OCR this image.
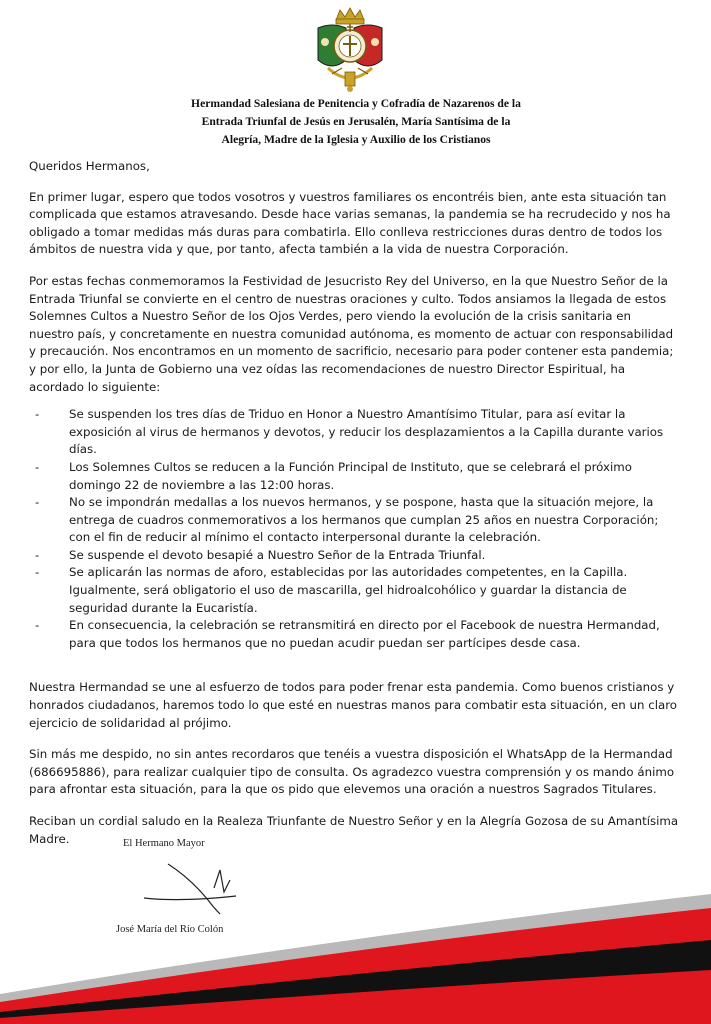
Hermandad Salesiana de Penitencia y Cofradía de Nazarenos de la
Entrada Triunfal de Jesús en Jerusalén, María Santísima de la
Alegría, Madre de la Iglesia y Auxilio de los Cristianos

Queridos Hermanos,

En primer lugar, espero que todos vosotros y vuestros familiares os encontréis bien, ante esta situación tan complicada que estamos atravesando. Desde hace varias semanas, la pandemia se ha recrudecido y nos ha obligado a tomar medidas más duras para combatirla. Ello conlleva restricciones duras dentro de todos los ámbitos de nuestra vida y que, por tanto, afecta también a la vida de nuestra Corporación.

Por estas fechas conmemoramos la Festividad de Jesucristo Rey del Universo, en la que Nuestro Señor de la Entrada Triunfal se convierte en el centro de nuestras oraciones y culto. Todos ansiamos la llegada de estos Solemnes Cultos a Nuestro Señor de los Ojos Verdes, pero viendo la evolución de la crisis sanitaria en nuestro país, y concretamente en nuestra comunidad autónoma, es momento de actuar con responsabilidad y precaución. Nos encontramos en un momento de sacrificio, necesario para poder contener esta pandemia; y por ello, la Junta de Gobierno una vez oídas las recomendaciones de nuestro Director Espiritual, ha acordado lo siguiente:

-	Se suspenden los tres días de Triduo en Honor a Nuestro Amantísimo Titular, para así evitar la exposición al virus de hermanos y devotos, y reducir los desplazamientos a la Capilla durante varios días.
-	Los Solemnes Cultos se reducen a la Función Principal de Instituto, que se celebrará el próximo domingo 22 de noviembre a las 12:00 horas.
-	No se impondrán medallas a los nuevos hermanos, y se pospone, hasta que la situación mejore, la entrega de cuadros conmemorativos a los hermanos que cumplan 25 años en nuestra Corporación; con el fin de reducir al mínimo el contacto interpersonal durante la celebración.
-	Se suspende el devoto besapié a Nuestro Señor de la Entrada Triunfal.
-	Se aplicarán las normas de aforo, establecidas por las autoridades competentes, en la Capilla. Igualmente, será obligatorio el uso de mascarilla, gel hidroalcohólico y guardar la distancia de seguridad durante la Eucaristía.
-	En consecuencia, la celebración se retransmitirá en directo por el Facebook de nuestra Hermandad, para que todos los hermanos que no puedan acudir puedan ser partícipes desde casa.

Nuestra Hermandad se une al esfuerzo de todos para poder frenar esta pandemia. Como buenos cristianos y honrados ciudadanos, haremos todo lo que esté en nuestras manos para combatir esta situación, en un claro ejercicio de solidaridad al prójimo.

Sin más me despido, no sin antes recordaros que tenéis a vuestra disposición el WhatsApp de la Hermandad (686695886), para realizar cualquier tipo de consulta. Os agradezco vuestra comprensión y os mando ánimo para afrontar esta situación, para la que os pido que elevemos una oración a nuestros Sagrados Titulares.

Reciban un cordial saludo en la Realeza Triunfante de Nuestro Señor y en la Alegría Gozosa de su Amantísima Madre.	El Hermano Mayor
José María del Río Colón
